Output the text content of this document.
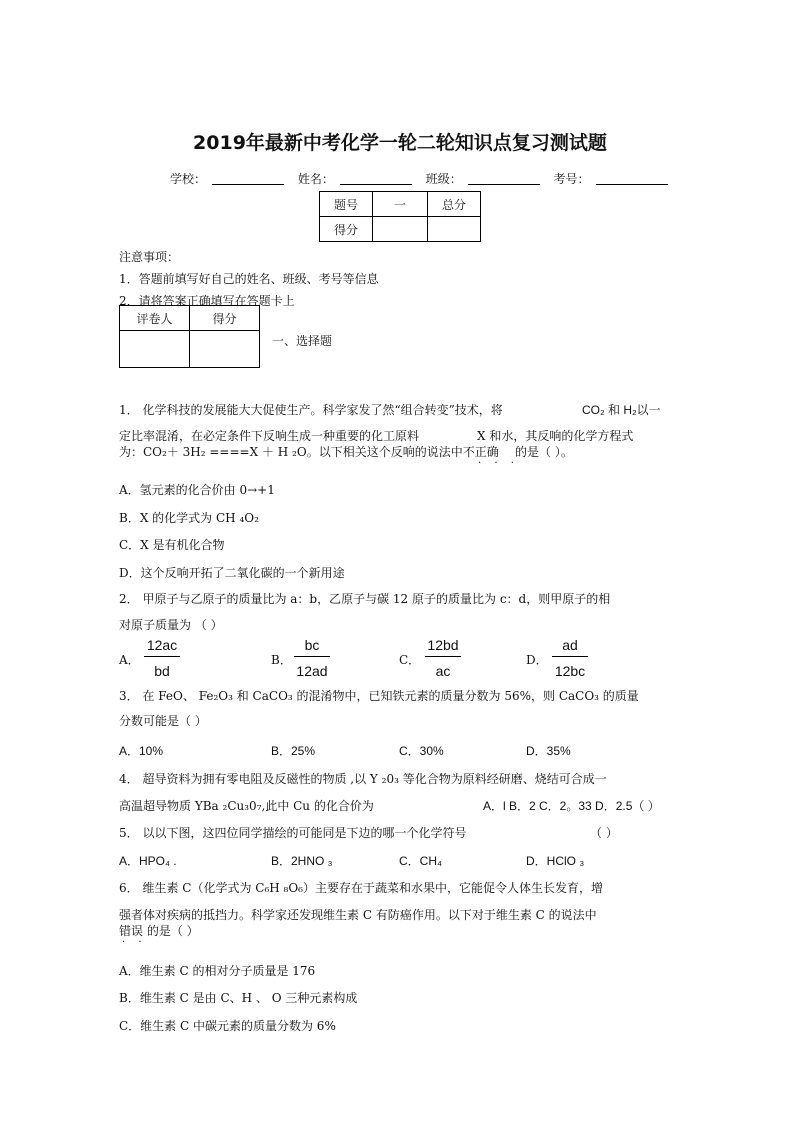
2019年最新中考化学一轮二轮知识点复习测试题
学校：	姓名：	班级：	考号：
题号	一	总分
得分		
注意事项：
1．答题前填写好自己的姓名、班级、考号等信息
2．请将答案正确填写在答题卡上
评卷人	得分

一、选择题
1． 化学科技的发展能大大促使生产。科学家发了然“组合转变”技术，将	CO₂ 和 H₂以一
定比率混淆，在必定条件下反响生成一种重要的化工原料	X 和水，其反响的化学方程式
为：CO₂＋ 3H₂ ====X ＋ H ₂O。以下相关这个反响的说法中不正确 的是（ ）。
· · ·
A．氢元素的化合价由 0→+1
B．X 的化学式为 CH ₄O₂
C．X 是有机化合物
D．这个反响开拓了二氧化碳的一个新用途
2． 甲原子与乙原子的质量比为 a：b，乙原子与碳 12 原子的质量比为 c：d，则甲原子的相
对原子质量为 （ ）
A． $\frac{12ac}{bd}$	B． $\frac{bc}{12ad}$	C． $\frac{12bd}{ac}$	D． $\frac{ad}{12bc}$
3． 在 FeO、 Fe₂O₃ 和 CaCO₃ 的混淆物中，已知铁元素的质量分数为 56%，则 CaCO₃ 的质量
分数可能是（ ）
A．10%	B．25%	C．30%	D．35%
4． 超导资料为拥有零电阻及反磁性的物质 ,以 Y ₂0₃ 等化合物为原料经研磨、烧结可合成一
高温超导物质 YBa ₂Cu₃0₇,此中 Cu 的化合价为	A．l B．2 C．2。33 D．2.5（ ）
5． 以以下图，这四位同学描绘的可能同是下边的哪一个化学符号	（ ）
A．HPO₄ .	B．2HNO ₃	C．CH₄	D．HClO ₃
6． 维生素 C（化学式为 C₆H ₈O₆）主要存在于蔬菜和水果中，它能促令人体生长发育，增
强者体对疾病的抵挡力。科学家还发现维生素 C 有防癌作用。以下对于维生素 C 的说法中
错误 的是（ ）
· ·
A．维生素 C 的相对分子质量是 176
B．维生素 C 是由 C、H 、 O 三种元素构成
C．维生素 C 中碳元素的质量分数为 6%
